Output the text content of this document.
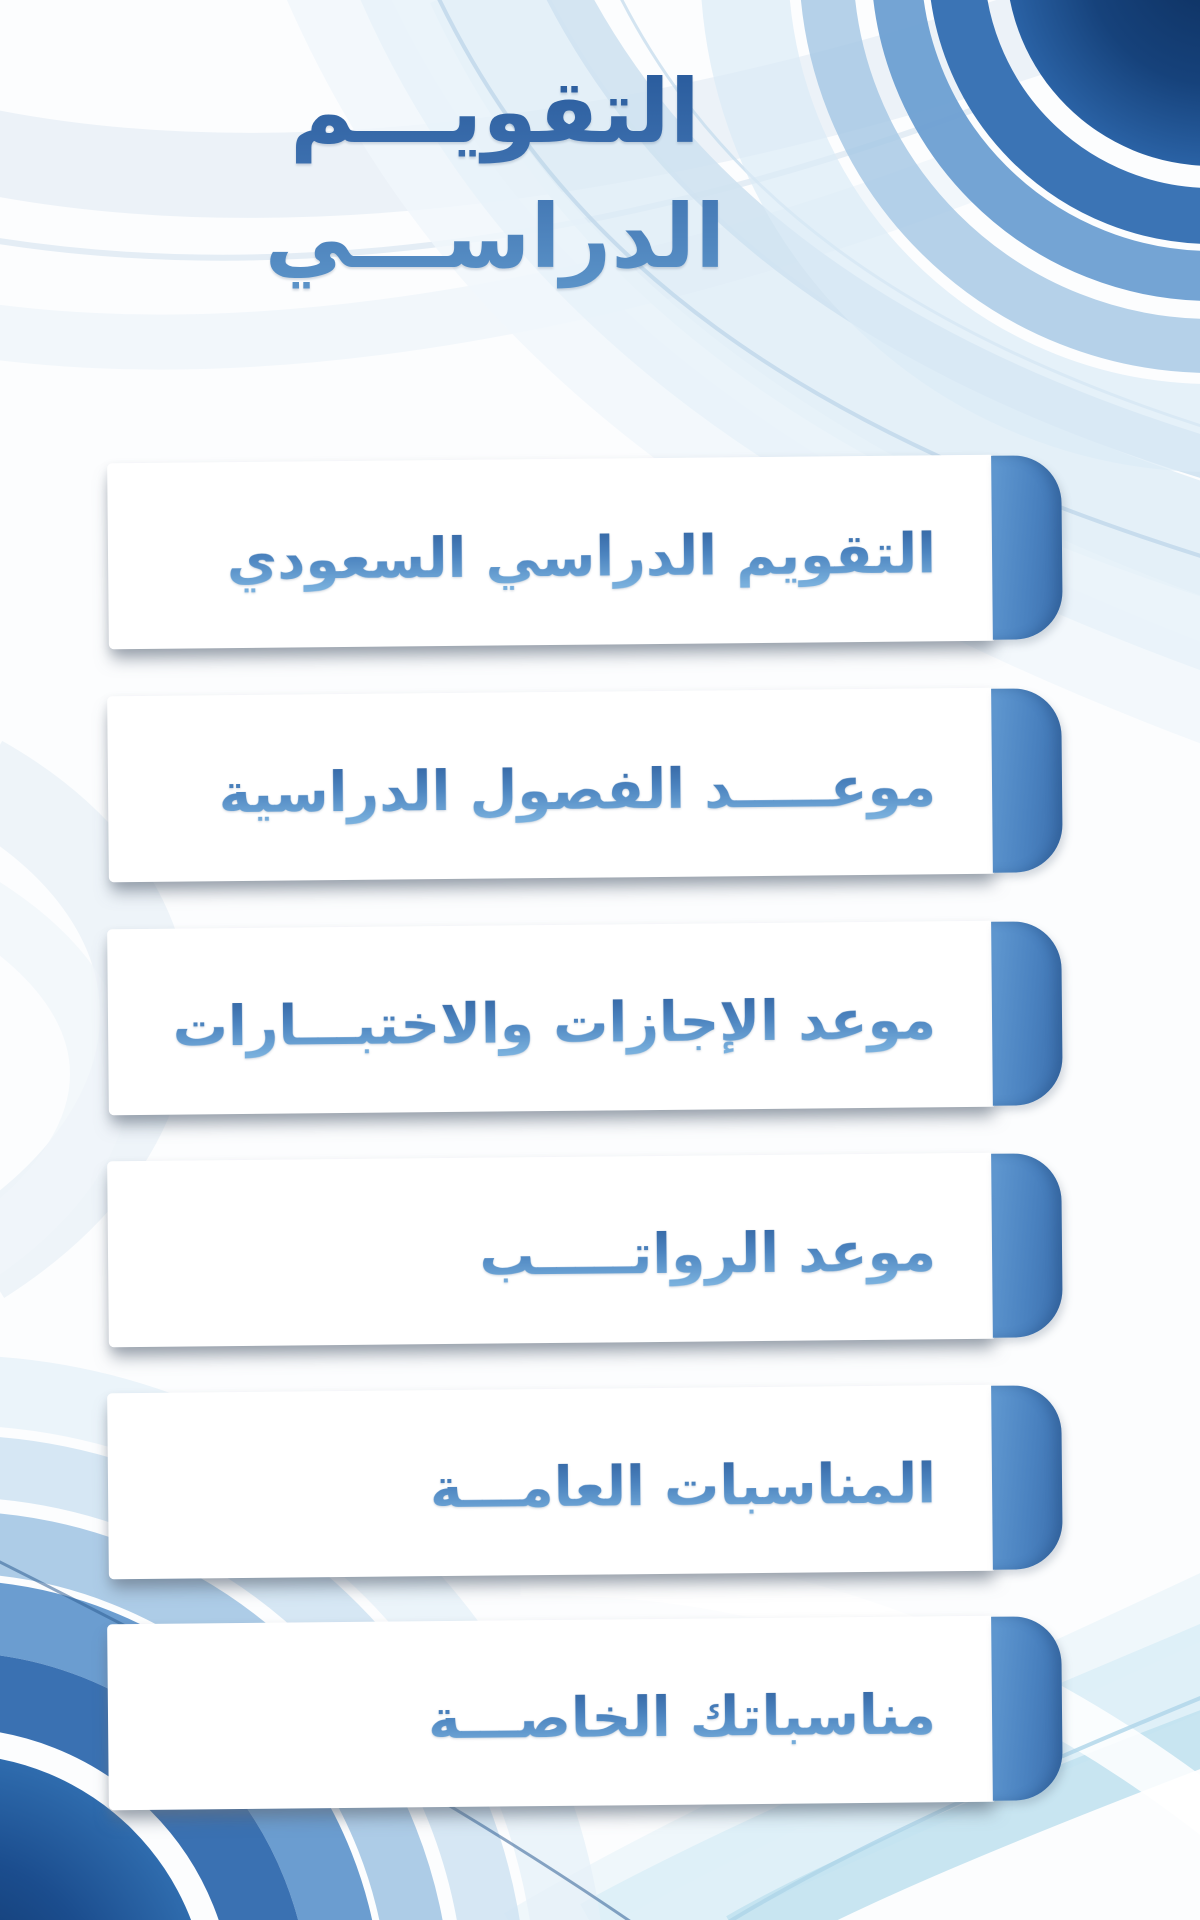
التقويـــم
الدراســـي
التقويم الدراسي السعودي
موعـــــد الفصول الدراسية
موعد الإجازات والاختبـــارات
موعد الرواتـــــب
المناسبات العامـــة
مناسباتك الخاصـــة
